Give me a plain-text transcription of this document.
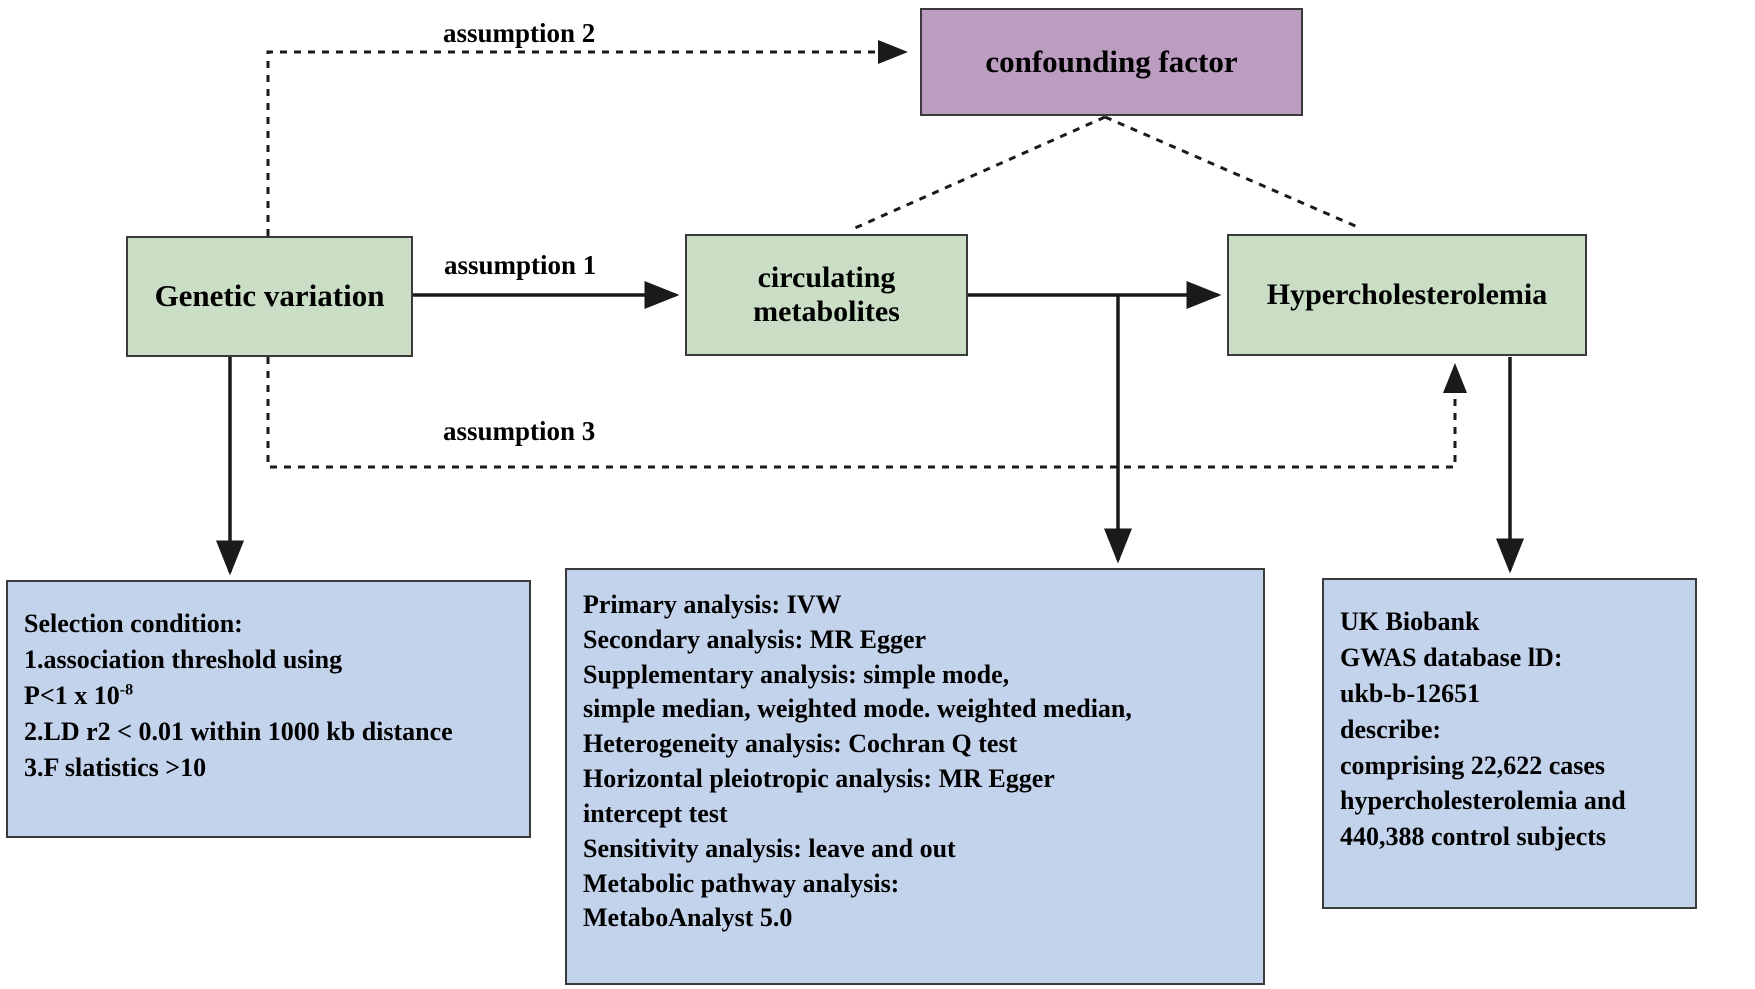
confounding factor
Genetic variation
circulating metabolites
Hypercholesterolemia
assumption 2
assumption 1
assumption 3
Selection condition:
1.association threshold using
P<1 x $10^{-8}$
2.LD r2 < 0.01 within 1000 kb distance
3.F slatistics >10
Primary analysis: IVW
Secondary analysis: MR Egger
Supplementary analysis: simple mode,
simple median, weighted mode. weighted median,
Heterogeneity analysis: Cochran Q test
Horizontal pleiotropic analysis: MR Egger
intercept test
Sensitivity analysis: leave and out
Metabolic pathway analysis:
MetaboAnalyst 5.0
UK Biobank
GWAS database lD:
ukb-b-12651
describe:
comprising 22,622 cases
hypercholesterolemia and
440,388 control subjects
